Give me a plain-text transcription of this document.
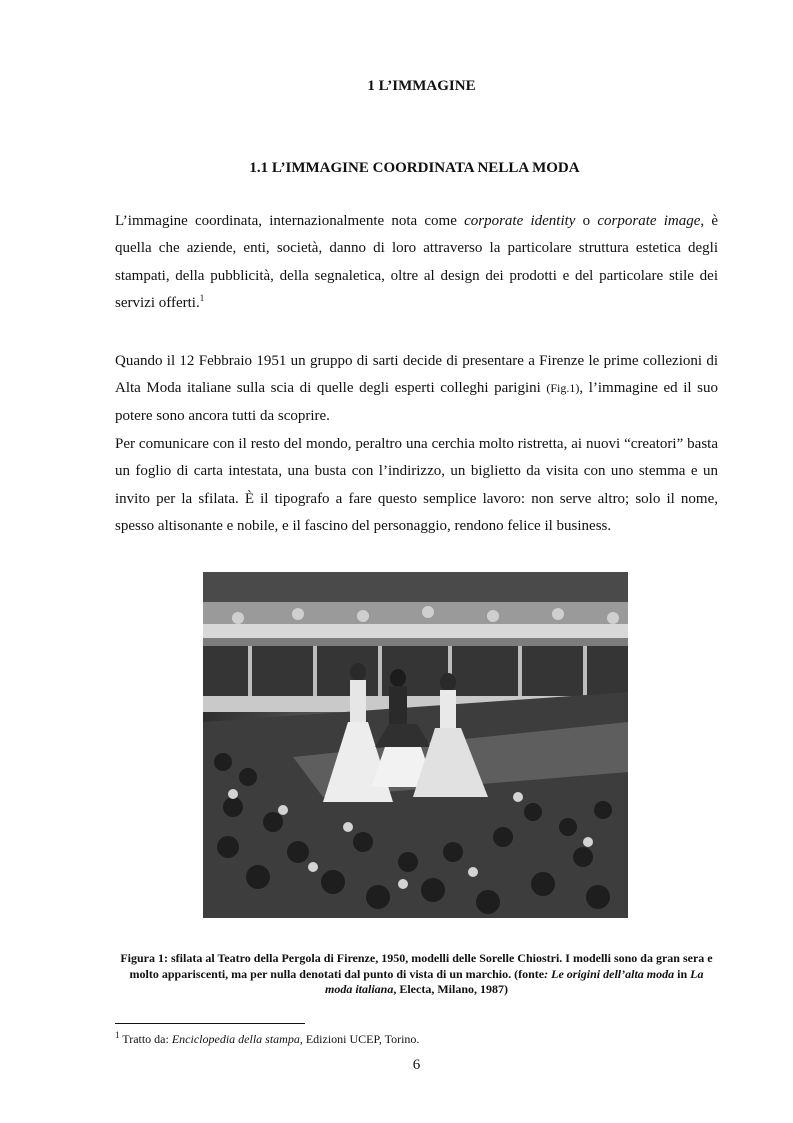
1 L’IMMAGINE
1.1 L’IMMAGINE COORDINATA NELLA MODA

L’immagine coordinata, internazionalmente nota come corporate identity o corporate image, è quella che aziende, enti, società, danno di loro attraverso la particolare struttura estetica degli stampati, della pubblicità, della segnaletica, oltre al design dei prodotti e del particolare stile dei servizi offerti.$^1$

Quando il 12 Febbraio 1951 un gruppo di sarti decide di presentare a Firenze le prime collezioni di Alta Moda italiane sulla scia di quelle degli esperti colleghi parigini (Fig.1), l’immagine ed il suo potere sono ancora tutti da scoprire.

Per comunicare con il resto del mondo, peraltro una cerchia molto ristretta, ai nuovi “creatori” basta un foglio di carta intestata, una busta con l’indirizzo, un biglietto da visita con uno stemma e un invito per la sfilata. È il tipografo a fare questo semplice lavoro: non serve altro; solo il nome, spesso altisonante e nobile, e il fascino del personaggio, rendono felice il business.

Figura 1: sfilata al Teatro della Pergola di Firenze, 1950, modelli delle Sorelle Chiostri. I modelli sono da gran sera e molto appariscenti, ma per nulla denotati dal punto di vista di un marchio. (fonte: Le origini dell’alta moda in La moda italiana, Electa, Milano, 1987)

$^1$ Tratto da: Enciclopedia della stampa, Edizioni UCEP, Torino.

6
